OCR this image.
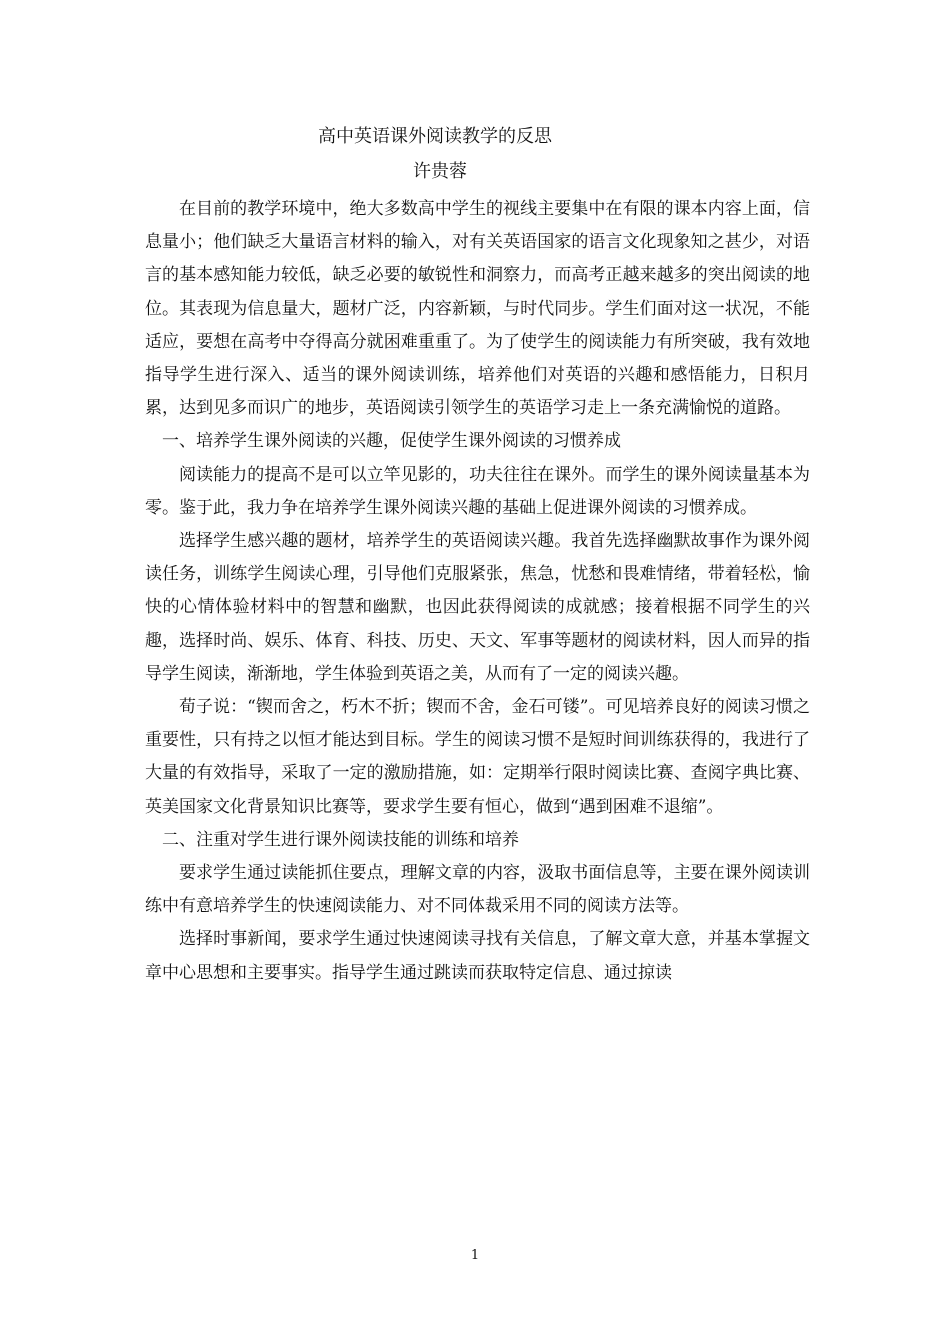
高中英语课外阅读教学的反思
许贵蓉

在目前的教学环境中，绝大多数高中学生的视线主要集中在有限的课本内容上面，信息量小；他们缺乏大量语言材料的输入，对有关英语国家的语言文化现象知之甚少，对语言的基本感知能力较低，缺乏必要的敏锐性和洞察力，而高考正越来越多的突出阅读的地位。其表现为信息量大，题材广泛，内容新颖，与时代同步。学生们面对这一状况，不能适应，要想在高考中夺得高分就困难重重了。为了使学生的阅读能力有所突破，我有效地指导学生进行深入、适当的课外阅读训练，培养他们对英语的兴趣和感悟能力，日积月累，达到见多而识广的地步，英语阅读引领学生的英语学习走上一条充满愉悦的道路。

一、培养学生课外阅读的兴趣，促使学生课外阅读的习惯养成

阅读能力的提高不是可以立竿见影的，功夫往往在课外。而学生的课外阅读量基本为零。鉴于此，我力争在培养学生课外阅读兴趣的基础上促进课外阅读的习惯养成。

选择学生感兴趣的题材，培养学生的英语阅读兴趣。我首先选择幽默故事作为课外阅读任务，训练学生阅读心理，引导他们克服紧张，焦急，忧愁和畏难情绪，带着轻松，愉快的心情体验材料中的智慧和幽默，也因此获得阅读的成就感；接着根据不同学生的兴趣，选择时尚、娱乐、体育、科技、历史、天文、军事等题材的阅读材料，因人而异的指导学生阅读，渐渐地，学生体验到英语之美，从而有了一定的阅读兴趣。

荀子说：“锲而舍之，朽木不折；锲而不舍，金石可镂”。可见培养良好的阅读习惯之重要性，只有持之以恒才能达到目标。学生的阅读习惯不是短时间训练获得的，我进行了大量的有效指导，采取了一定的激励措施，如：定期举行限时阅读比赛、查阅字典比赛、英美国家文化背景知识比赛等，要求学生要有恒心，做到“遇到困难不退缩”。

二、注重对学生进行课外阅读技能的训练和培养

要求学生通过读能抓住要点，理解文章的内容，汲取书面信息等，主要在课外阅读训练中有意培养学生的快速阅读能力、对不同体裁采用不同的阅读方法等。

选择时事新闻，要求学生通过快速阅读寻找有关信息，了解文章大意，并基本掌握文章中心思想和主要事实。指导学生通过跳读而获取特定信息、通过掠读

1
